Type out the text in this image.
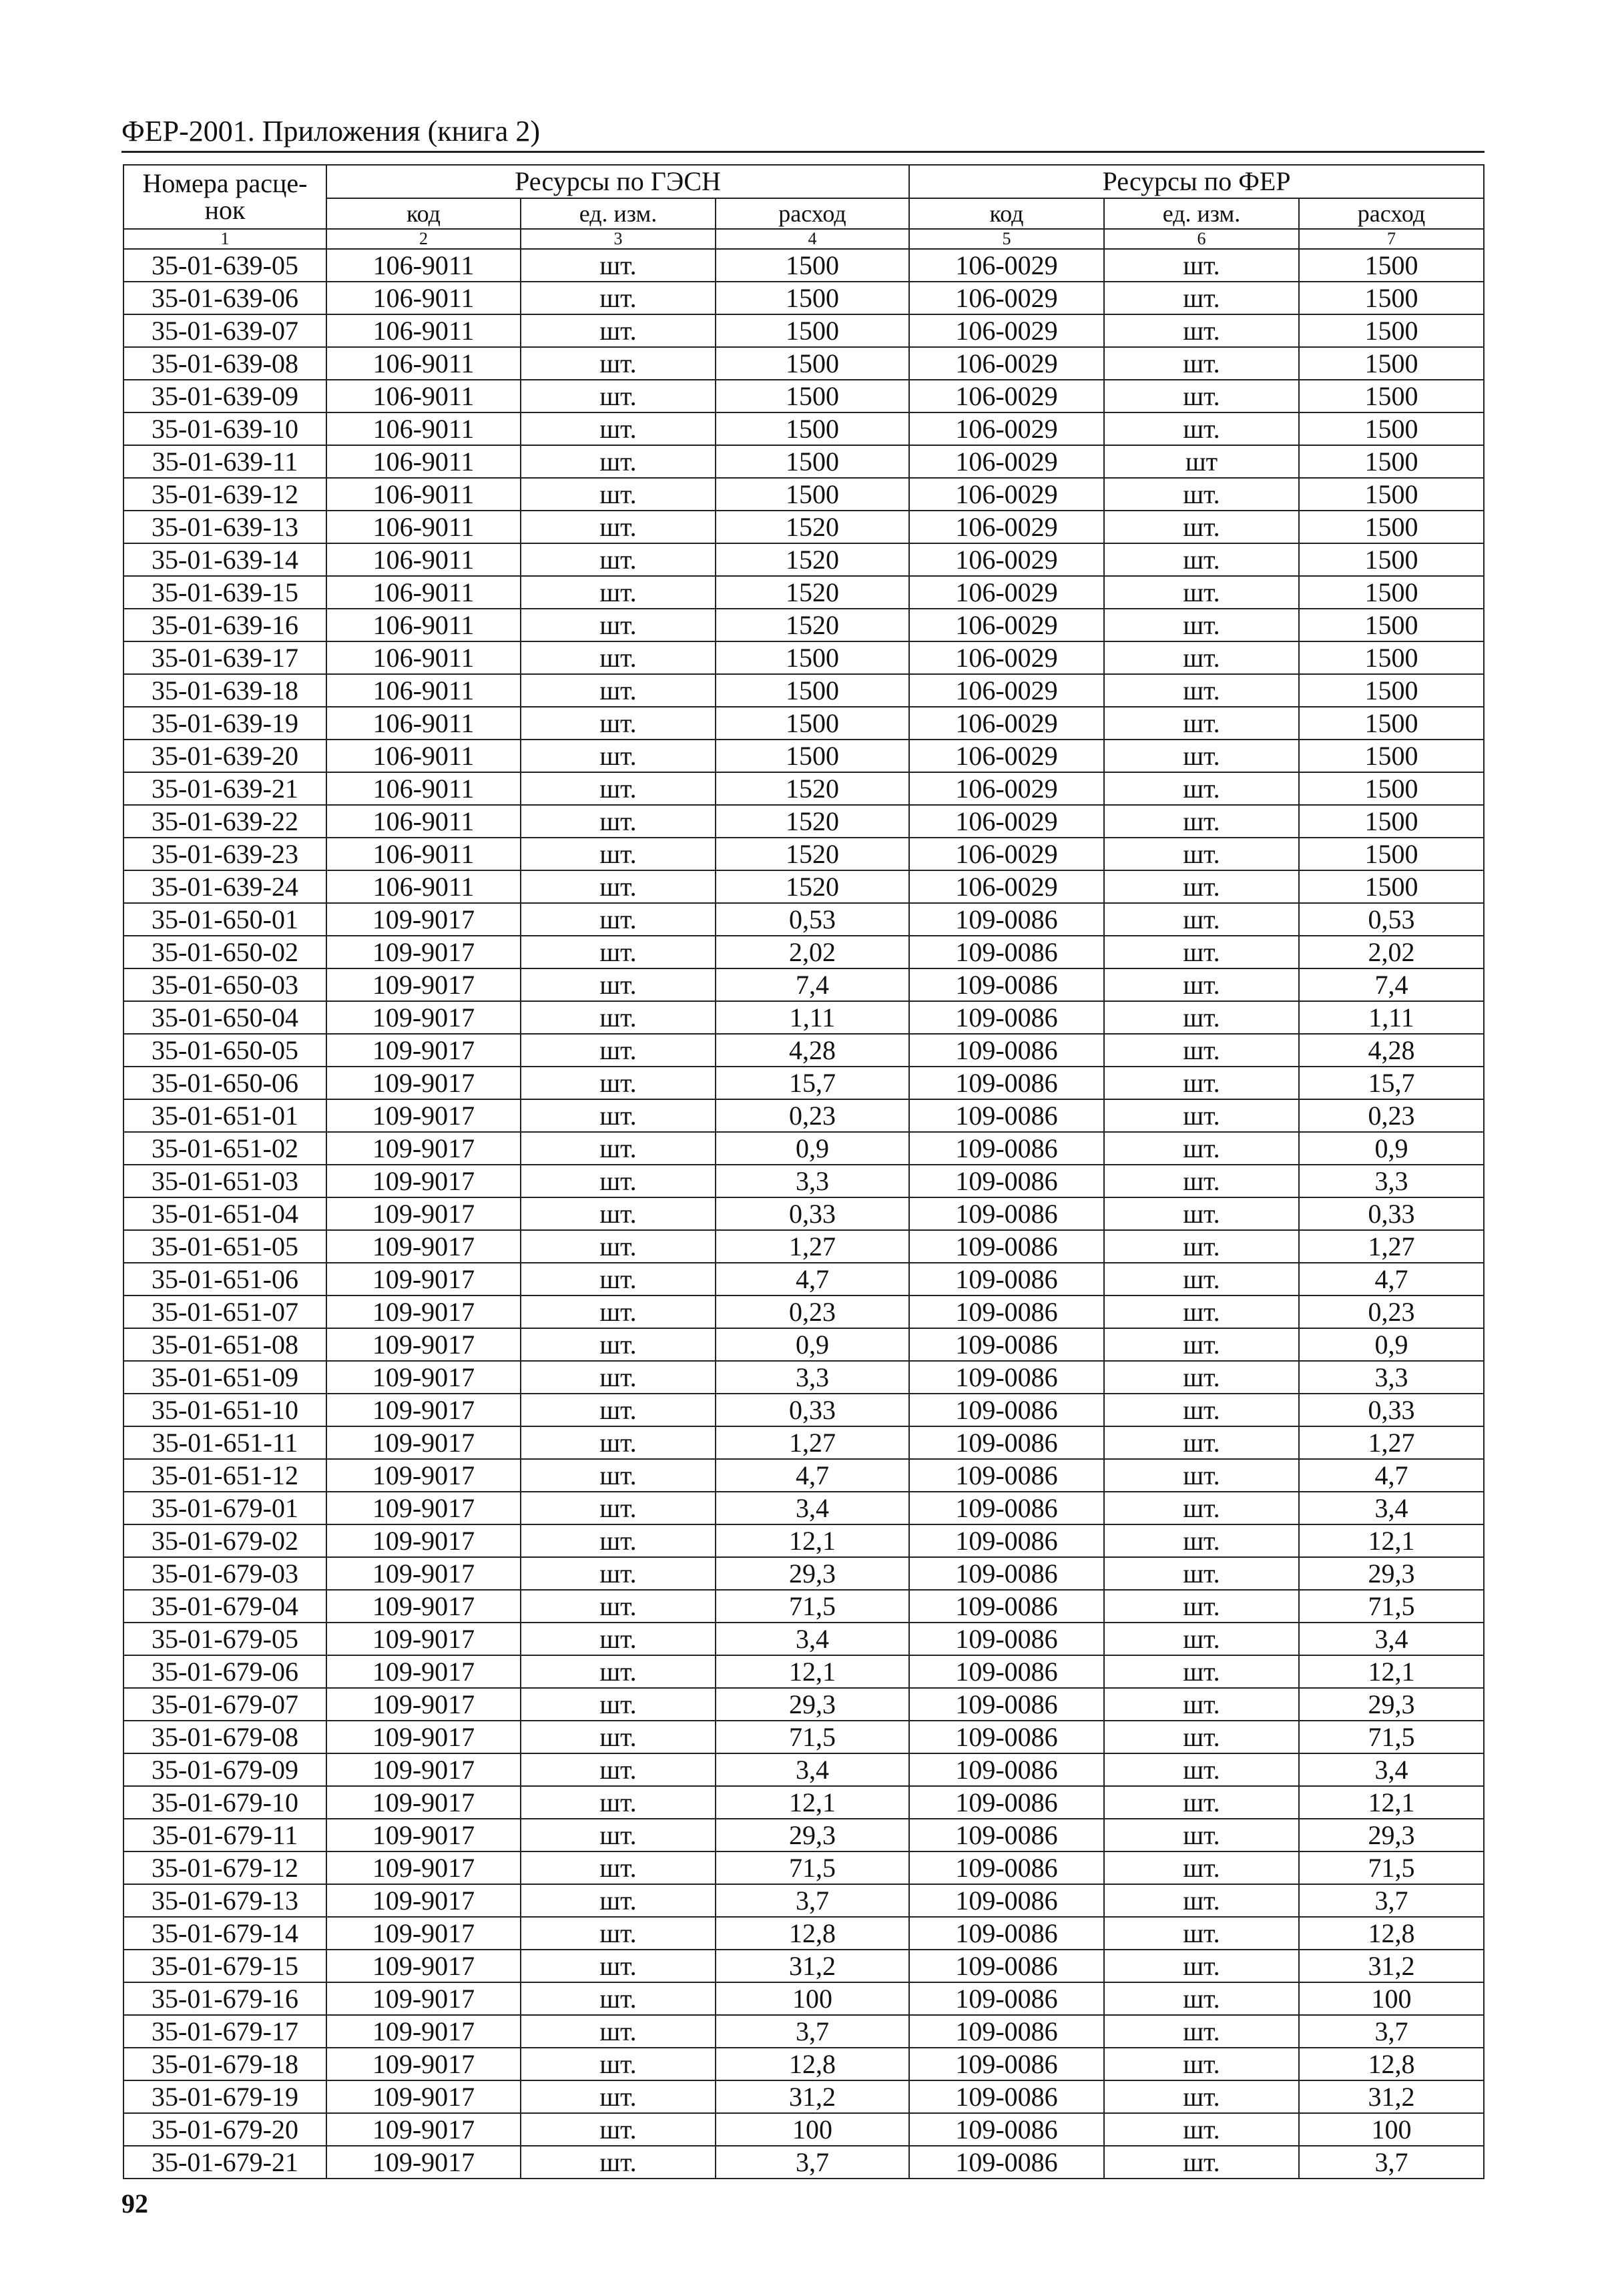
ФЕР-2001. Приложения (книга 2)
Номера расце-нок	Ресурсы по ГЭСН			Ресурсы по ФЕР		
	код	ед. изм.	расход	код	ед. изм.	расход
1	2	3	4	5	6	7
35-01-639-05	106-9011	шт.	1500	106-0029	шт.	1500
35-01-639-06	106-9011	шт.	1500	106-0029	шт.	1500
35-01-639-07	106-9011	шт.	1500	106-0029	шт.	1500
35-01-639-08	106-9011	шт.	1500	106-0029	шт.	1500
35-01-639-09	106-9011	шт.	1500	106-0029	шт.	1500
35-01-639-10	106-9011	шт.	1500	106-0029	шт.	1500
35-01-639-11	106-9011	шт.	1500	106-0029	шт	1500
35-01-639-12	106-9011	шт.	1500	106-0029	шт.	1500
35-01-639-13	106-9011	шт.	1520	106-0029	шт.	1500
35-01-639-14	106-9011	шт.	1520	106-0029	шт.	1500
35-01-639-15	106-9011	шт.	1520	106-0029	шт.	1500
35-01-639-16	106-9011	шт.	1520	106-0029	шт.	1500
35-01-639-17	106-9011	шт.	1500	106-0029	шт.	1500
35-01-639-18	106-9011	шт.	1500	106-0029	шт.	1500
35-01-639-19	106-9011	шт.	1500	106-0029	шт.	1500
35-01-639-20	106-9011	шт.	1500	106-0029	шт.	1500
35-01-639-21	106-9011	шт.	1520	106-0029	шт.	1500
35-01-639-22	106-9011	шт.	1520	106-0029	шт.	1500
35-01-639-23	106-9011	шт.	1520	106-0029	шт.	1500
35-01-639-24	106-9011	шт.	1520	106-0029	шт.	1500
35-01-650-01	109-9017	шт.	0,53	109-0086	шт.	0,53
35-01-650-02	109-9017	шт.	2,02	109-0086	шт.	2,02
35-01-650-03	109-9017	шт.	7,4	109-0086	шт.	7,4
35-01-650-04	109-9017	шт.	1,11	109-0086	шт.	1,11
35-01-650-05	109-9017	шт.	4,28	109-0086	шт.	4,28
35-01-650-06	109-9017	шт.	15,7	109-0086	шт.	15,7
35-01-651-01	109-9017	шт.	0,23	109-0086	шт.	0,23
35-01-651-02	109-9017	шт.	0,9	109-0086	шт.	0,9
35-01-651-03	109-9017	шт.	3,3	109-0086	шт.	3,3
35-01-651-04	109-9017	шт.	0,33	109-0086	шт.	0,33
35-01-651-05	109-9017	шт.	1,27	109-0086	шт.	1,27
35-01-651-06	109-9017	шт.	4,7	109-0086	шт.	4,7
35-01-651-07	109-9017	шт.	0,23	109-0086	шт.	0,23
35-01-651-08	109-9017	шт.	0,9	109-0086	шт.	0,9
35-01-651-09	109-9017	шт.	3,3	109-0086	шт.	3,3
35-01-651-10	109-9017	шт.	0,33	109-0086	шт.	0,33
35-01-651-11	109-9017	шт.	1,27	109-0086	шт.	1,27
35-01-651-12	109-9017	шт.	4,7	109-0086	шт.	4,7
35-01-679-01	109-9017	шт.	3,4	109-0086	шт.	3,4
35-01-679-02	109-9017	шт.	12,1	109-0086	шт.	12,1
35-01-679-03	109-9017	шт.	29,3	109-0086	шт.	29,3
35-01-679-04	109-9017	шт.	71,5	109-0086	шт.	71,5
35-01-679-05	109-9017	шт.	3,4	109-0086	шт.	3,4
35-01-679-06	109-9017	шт.	12,1	109-0086	шт.	12,1
35-01-679-07	109-9017	шт.	29,3	109-0086	шт.	29,3
35-01-679-08	109-9017	шт.	71,5	109-0086	шт.	71,5
35-01-679-09	109-9017	шт.	3,4	109-0086	шт.	3,4
35-01-679-10	109-9017	шт.	12,1	109-0086	шт.	12,1
35-01-679-11	109-9017	шт.	29,3	109-0086	шт.	29,3
35-01-679-12	109-9017	шт.	71,5	109-0086	шт.	71,5
35-01-679-13	109-9017	шт.	3,7	109-0086	шт.	3,7
35-01-679-14	109-9017	шт.	12,8	109-0086	шт.	12,8
35-01-679-15	109-9017	шт.	31,2	109-0086	шт.	31,2
35-01-679-16	109-9017	шт.	100	109-0086	шт.	100
35-01-679-17	109-9017	шт.	3,7	109-0086	шт.	3,7
35-01-679-18	109-9017	шт.	12,8	109-0086	шт.	12,8
35-01-679-19	109-9017	шт.	31,2	109-0086	шт.	31,2
35-01-679-20	109-9017	шт.	100	109-0086	шт.	100
35-01-679-21	109-9017	шт.	3,7	109-0086	шт.	3,7
92
